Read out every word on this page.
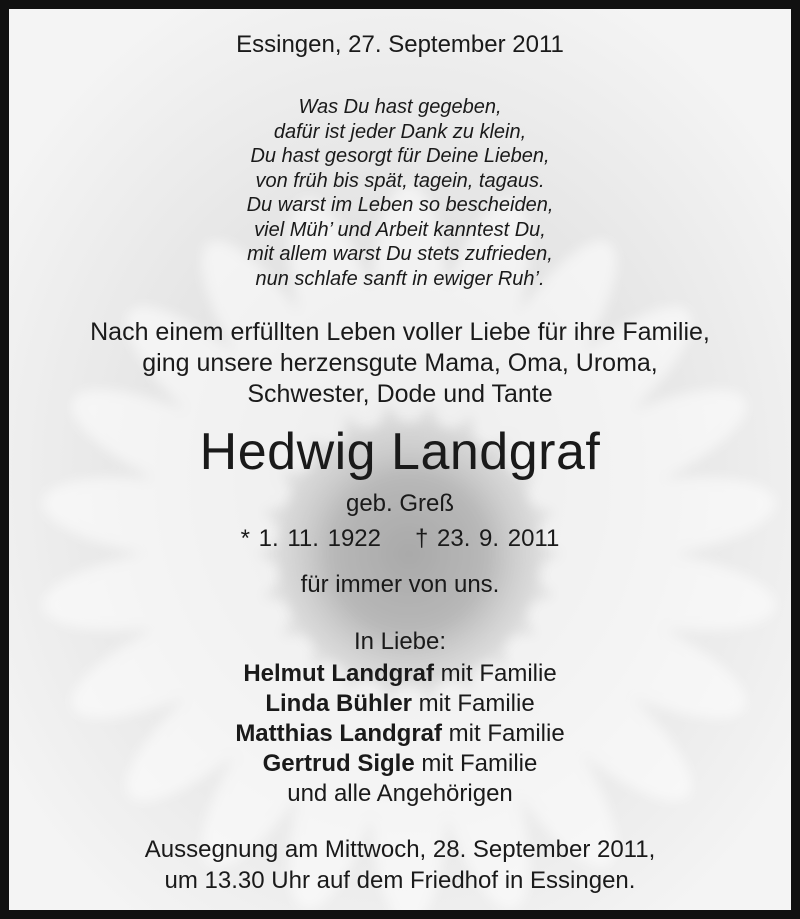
Essingen, 27. September 2011
Was Du hast gegeben,
dafür ist jeder Dank zu klein,
Du hast gesorgt für Deine Lieben,
von früh bis spät, tagein, tagaus.
Du warst im Leben so bescheiden,
viel Müh’ und Arbeit kanntest Du,
mit allem warst Du stets zufrieden,
nun schlafe sanft in ewiger Ruh’.
Nach einem erfüllten Leben voller Liebe für ihre Familie,
ging unsere herzensgute Mama, Oma, Uroma,
Schwester, Dode und Tante
Hedwig Landgraf
geb. Greß
* 1. 11. 1922 † 23. 9. 2011
für immer von uns.
In Liebe:
Helmut Landgraf mit Familie
Linda Bühler mit Familie
Matthias Landgraf mit Familie
Gertrud Sigle mit Familie
und alle Angehörigen
Aussegnung am Mittwoch, 28. September 2011,
um 13.30 Uhr auf dem Friedhof in Essingen.
